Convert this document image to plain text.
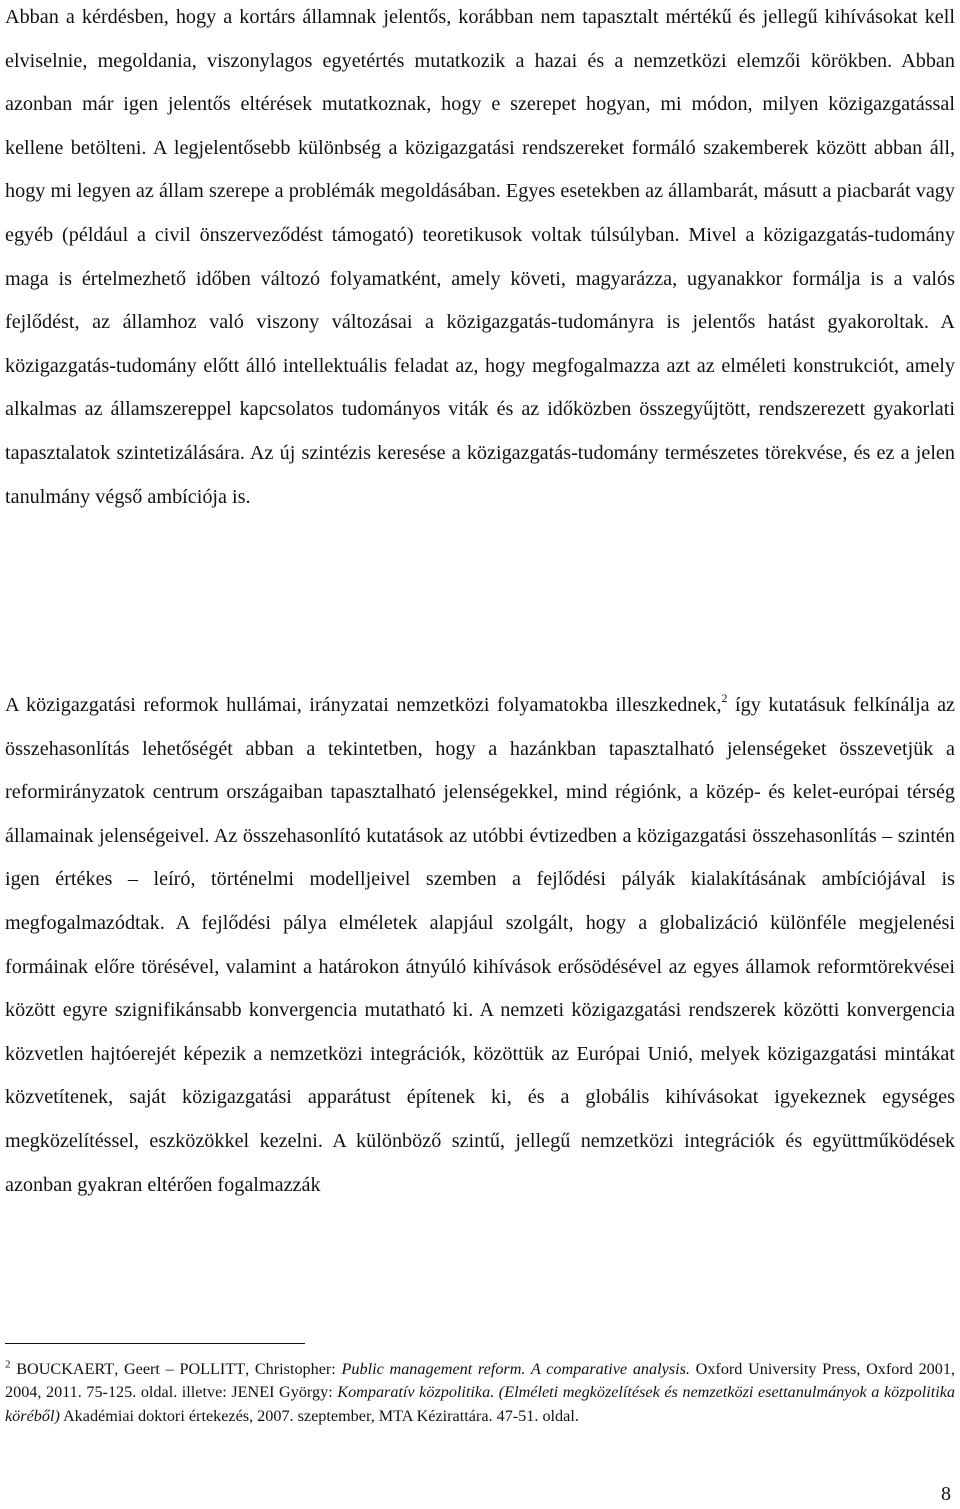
Abban a kérdésben, hogy a kortárs államnak jelentős, korábban nem tapasztalt mértékű és jellegű kihívásokat kell elviselnie, megoldania, viszonylagos egyetértés mutatkozik a hazai és a nemzetközi elemzői körökben. Abban azonban már igen jelentős eltérések mutatkoznak, hogy e szerepet hogyan, mi módon, milyen közigazgatással kellene betölteni. A legjelentősebb különbség a közigazgatási rendszereket formáló szakemberek között abban áll, hogy mi legyen az állam szerepe a problémák megoldásában. Egyes esetekben az állambarát, másutt a piacbarát vagy egyéb (például a civil önszerveződést támogató) teoretikusok voltak túlsúlyban. Mivel a közigazgatás-tudomány maga is értelmezhető időben változó folyamatként, amely követi, magyarázza, ugyanakkor formálja is a valós fejlődést, az államhoz való viszony változásai a közigazgatás-tudományra is jelentős hatást gyakoroltak. A közigazgatás-tudomány előtt álló intellektuális feladat az, hogy megfogalmazza azt az elméleti konstrukciót, amely alkalmas az államszereppel kapcsolatos tudományos viták és az időközben összegyűjtött, rendszerezett gyakorlati tapasztalatok szintetizálására. Az új szintézis keresése a közigazgatás-tudomány természetes törekvése, és ez a jelen tanulmány végső ambíciója is.

A közigazgatási reformok hullámai, irányzatai nemzetközi folyamatokba illeszkednek,$^2$ így kutatásuk felkínálja az összehasonlítás lehetőségét abban a tekintetben, hogy a hazánkban tapasztalható jelenségeket összevetjük a reformirányzatok centrum országaiban tapasztalható jelenségekkel, mind régiónk, a közép- és kelet-európai térség államainak jelenségeivel. Az összehasonlító kutatások az utóbbi évtizedben a közigazgatási összehasonlítás – szintén igen értékes – leíró, történelmi modelljeivel szemben a fejlődési pályák kialakításának ambíciójával is megfogalmazódtak. A fejlődési pálya elméletek alapjául szolgált, hogy a globalizáció különféle megjelenési formáinak előre törésével, valamint a határokon átnyúló kihívások erősödésével az egyes államok reformtörekvései között egyre szignifikánsabb konvergencia mutatható ki. A nemzeti közigazgatási rendszerek közötti konvergencia közvetlen hajtóerejét képezik a nemzetközi integrációk, közöttük az Európai Unió, melyek közigazgatási mintákat közvetítenek, saját közigazgatási apparátust építenek ki, és a globális kihívásokat igyekeznek egységes megközelítéssel, eszközökkel kezelni. A különböző szintű, jellegű nemzetközi integrációk és együttműködések azonban gyakran eltérően fogalmazzák

$^2$ BOUCKAERT, Geert – POLLITT, Christopher: Public management reform. A comparative analysis. Oxford University Press, Oxford 2001, 2004, 2011. 75-125. oldal. illetve: JENEI György: Komparatív közpolitika. (Elméleti megközelítések és nemzetközi esettanulmányok a közpolitika köréből) Akadémiai doktori értekezés, 2007. szeptember, MTA Kézirattára. 47-51. oldal.

8
